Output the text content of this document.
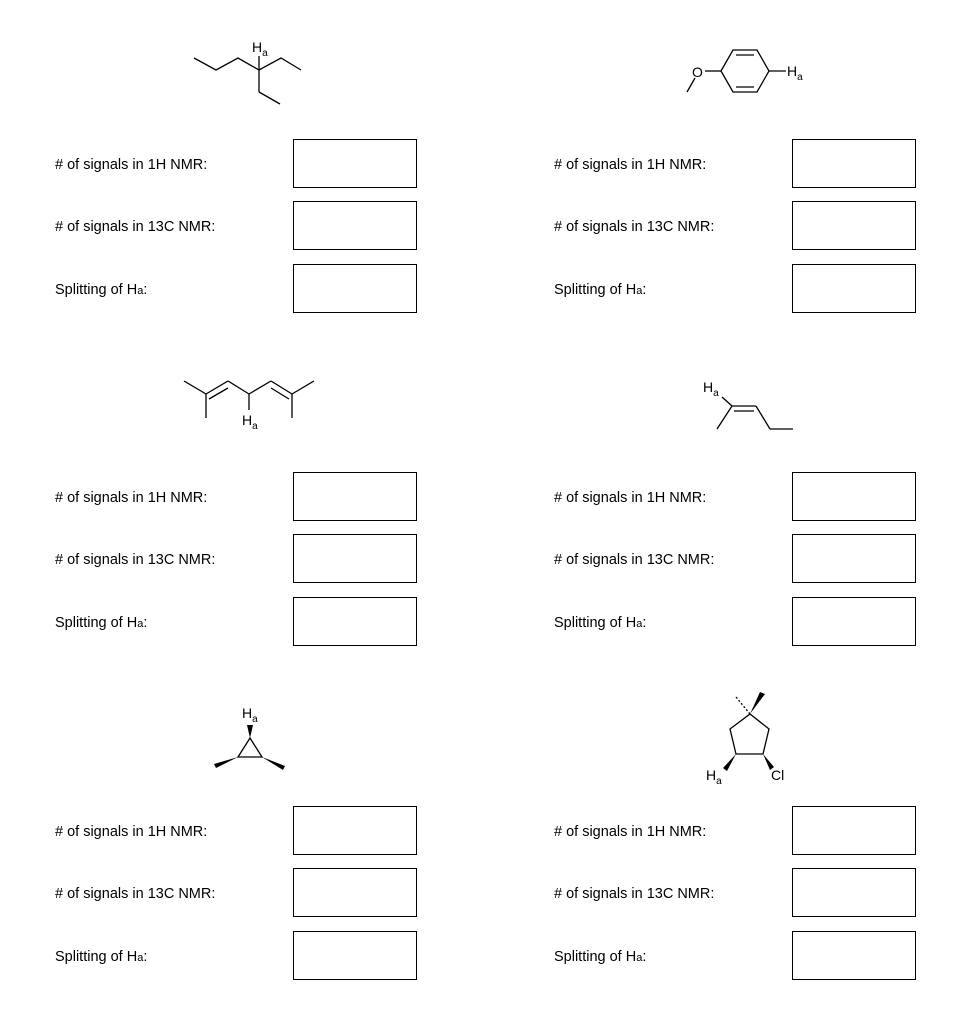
$H_a$
O	$H_a$
$H_a$
$H_a$
$H_a$
$H_a$	Cl
# of signals in 1H NMR:
# of signals in 13C NMR:
Splitting of Ha:
# of signals in 1H NMR:
# of signals in 13C NMR:
Splitting of Ha:
# of signals in 1H NMR:
# of signals in 13C NMR:
Splitting of Ha:
# of signals in 1H NMR:
# of signals in 13C NMR:
Splitting of Ha:
# of signals in 1H NMR:
# of signals in 13C NMR:
Splitting of Ha:
# of signals in 1H NMR:
# of signals in 13C NMR:
Splitting of Ha:
